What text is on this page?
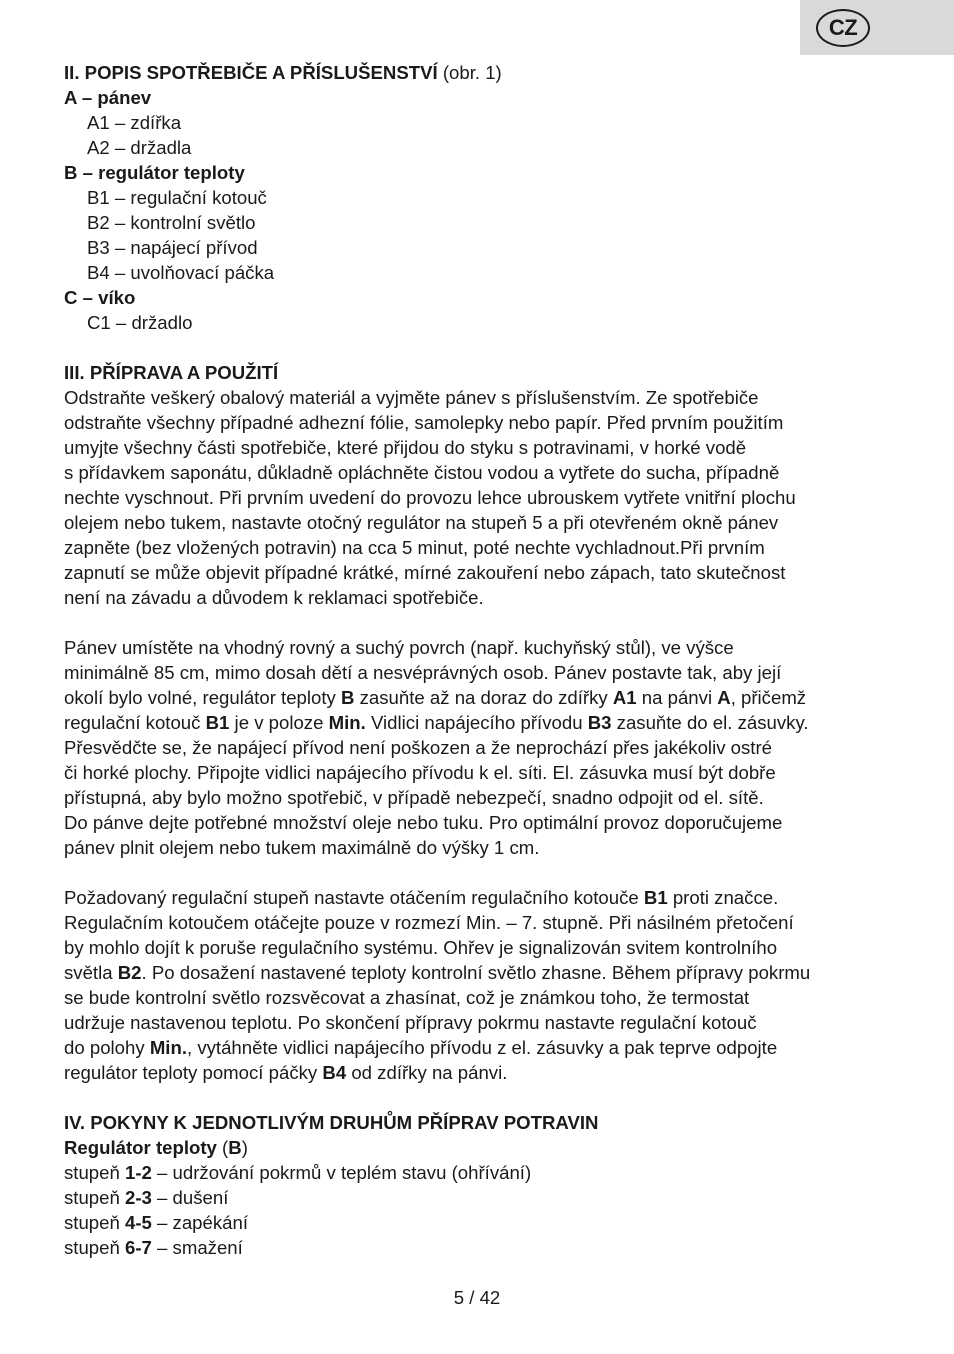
CZ
II. POPIS SPOTŘEBIČE A PŘÍSLUŠENSTVÍ (obr. 1)
A – pánev
A1 – zdířka
A2 – držadla
B – regulátor teploty
B1 – regulační kotouč
B2 – kontrolní světlo
B3 – napájecí přívod
B4 – uvolňovací páčka
C – víko
C1 – držadlo
III. PŘÍPRAVA A POUŽITÍ
Odstraňte veškerý obalový materiál a vyjměte pánev s příslušenstvím. Ze spotřebiče
odstraňte všechny případné adhezní fólie, samolepky nebo papír. Před prvním použitím
umyjte všechny části spotřebiče, které přijdou do styku s potravinami, v horké vodě
s přídavkem saponátu, důkladně opláchněte čistou vodou a vytřete do sucha, případně
nechte vyschnout. Při prvním uvedení do provozu lehce ubrouskem vytřete vnitřní plochu
olejem nebo tukem, nastavte otočný regulátor na stupeň 5 a při otevřeném okně pánev
zapněte (bez vložených potravin) na cca 5 minut, poté nechte vychladnout.Při prvním
zapnutí se může objevit případné krátké, mírné zakouření nebo zápach, tato skutečnost
není na závadu a důvodem k reklamaci spotřebiče.
Pánev umístěte na vhodný rovný a suchý povrch (např. kuchyňský stůl), ve výšce
minimálně 85 cm, mimo dosah dětí a nesvéprávných osob. Pánev postavte tak, aby její
okolí bylo volné, regulátor teploty B zasuňte až na doraz do zdířky A1 na pánvi A, přičemž
regulační kotouč B1 je v poloze Min. Vidlici napájecího přívodu B3 zasuňte do el. zásuvky.
Přesvědčte se, že napájecí přívod není poškozen a že neprochází přes jakékoliv ostré
či horké plochy. Připojte vidlici napájecího přívodu k el. síti. El. zásuvka musí být dobře
přístupná, aby bylo možno spotřebič, v případě nebezpečí, snadno odpojit od el. sítě.
Do pánve dejte potřebné množství oleje nebo tuku. Pro optimální provoz doporučujeme
pánev plnit olejem nebo tukem maximálně do výšky 1 cm.
Požadovaný regulační stupeň nastavte otáčením regulačního kotouče B1 proti značce.
Regulačním kotoučem otáčejte pouze v rozmezí Min. – 7. stupně. Při násilném přetočení
by mohlo dojít k poruše regulačního systému. Ohřev je signalizován svitem kontrolního
světla B2. Po dosažení nastavené teploty kontrolní světlo zhasne. Během přípravy pokrmu
se bude kontrolní světlo rozsvěcovat a zhasínat, což je známkou toho, že termostat
udržuje nastavenou teplotu. Po skončení přípravy pokrmu nastavte regulační kotouč
do polohy Min., vytáhněte vidlici napájecího přívodu z el. zásuvky a pak teprve odpojte
regulátor teploty pomocí páčky B4 od zdířky na pánvi.
IV. POKYNY K JEDNOTLIVÝM DRUHŮM PŘÍPRAV POTRAVIN
Regulátor teploty (B)
stupeň 1-2 – udržování pokrmů v teplém stavu (ohřívání)
stupeň 2-3 – dušení
stupeň 4-5 – zapékání
stupeň 6-7 – smažení
5 / 42
